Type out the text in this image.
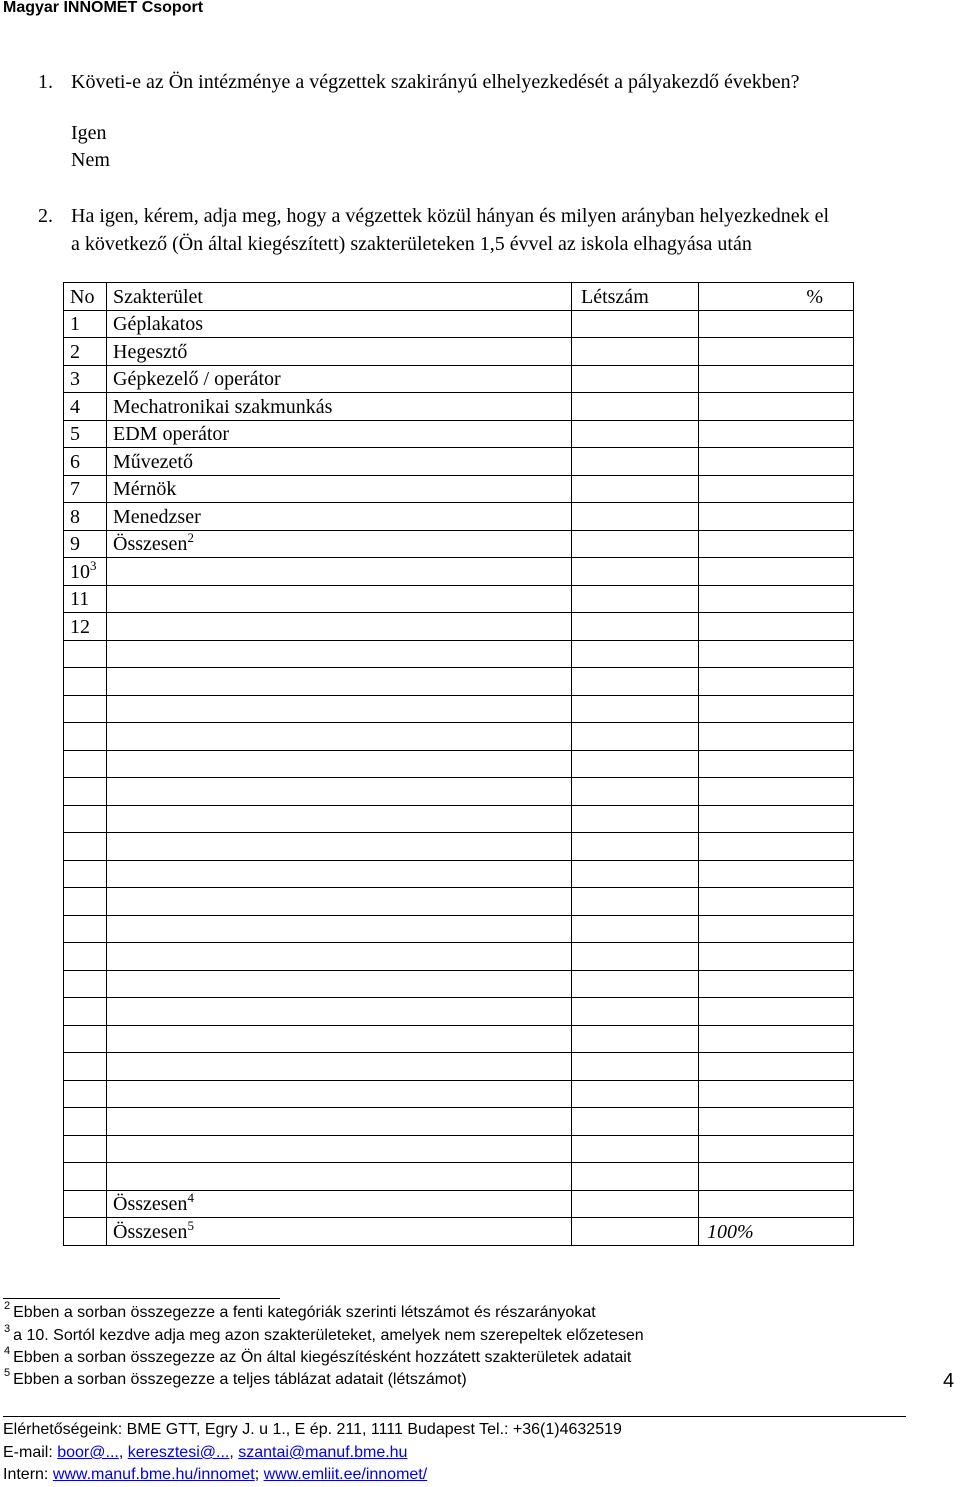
Magyar INNOMET Csoport
1. Követi-e az Ön intézménye a végzettek szakirányú elhelyezkedését a pályakezdő években?
Igen
Nem
2. Ha igen, kérem, adja meg, hogy a végzettek közül hányan és milyen arányban helyezkednek el
a következő (Ön által kiegészített) szakterületeken 1,5 évvel az iskola elhagyása után
No	Szakterület	Létszám	%
1	Géplakatos		
2	Hegesztő		
3	Gépkezelő / operátor		
4	Mechatronikai szakmunkás		
5	EDM operátor		
6	Művezető		
7	Mérnök		
8	Menedzser		
9	Összesen$^2$		
$10^3$			
11			
12			

	Összesen$^4$		
	Összesen$^5$		100%
$^2$ Ebben a sorban összegezze a fenti kategóriák szerinti létszámot és részarányokat
$^3$ a 10. Sortól kezdve adja meg azon szakterületeket, amelyek nem szerepeltek előzetesen
$^4$ Ebben a sorban összegezze az Ön által kiegészítésként hozzátett szakterületek adatait
$^5$ Ebben a sorban összegezze a teljes táblázat adatait (létszámot)
Elérhetőségeink: BME GTT, Egry J. u 1., E ép. 211, 1111 Budapest Tel.: +36(1)4632519
E-mail: boor@..., keresztesi@..., szantai@manuf.bme.hu
Intern: www.manuf.bme.hu/innomet; www.emliit.ee/innomet/
4
